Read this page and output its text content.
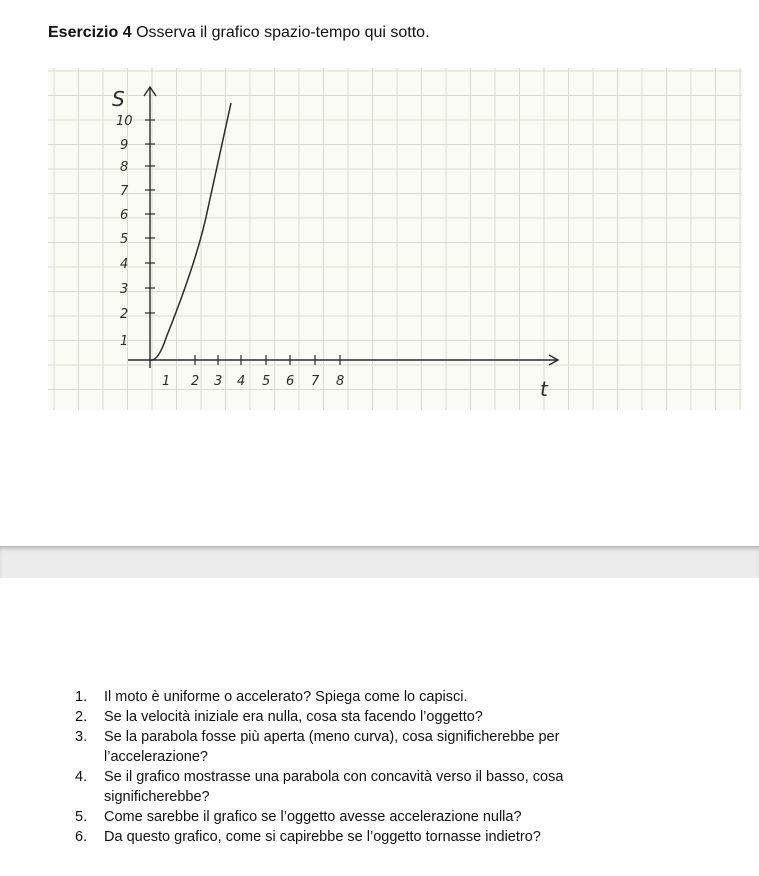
Esercizio 4 Osserva il grafico spazio-tempo qui sotto.
S
t
1
2
3
4
5
6
7
8
9
10
1 2 3 4 5 6 7 8
1. Il moto è uniforme o accelerato? Spiega come lo capisci.
2. Se la velocità iniziale era nulla, cosa sta facendo l’oggetto?
3. Se la parabola fosse più aperta (meno curva), cosa significherebbe per l’accelerazione?
4. Se il grafico mostrasse una parabola con concavità verso il basso, cosa significherebbe?
5. Come sarebbe il grafico se l’oggetto avesse accelerazione nulla?
6. Da questo grafico, come si capirebbe se l’oggetto tornasse indietro?
